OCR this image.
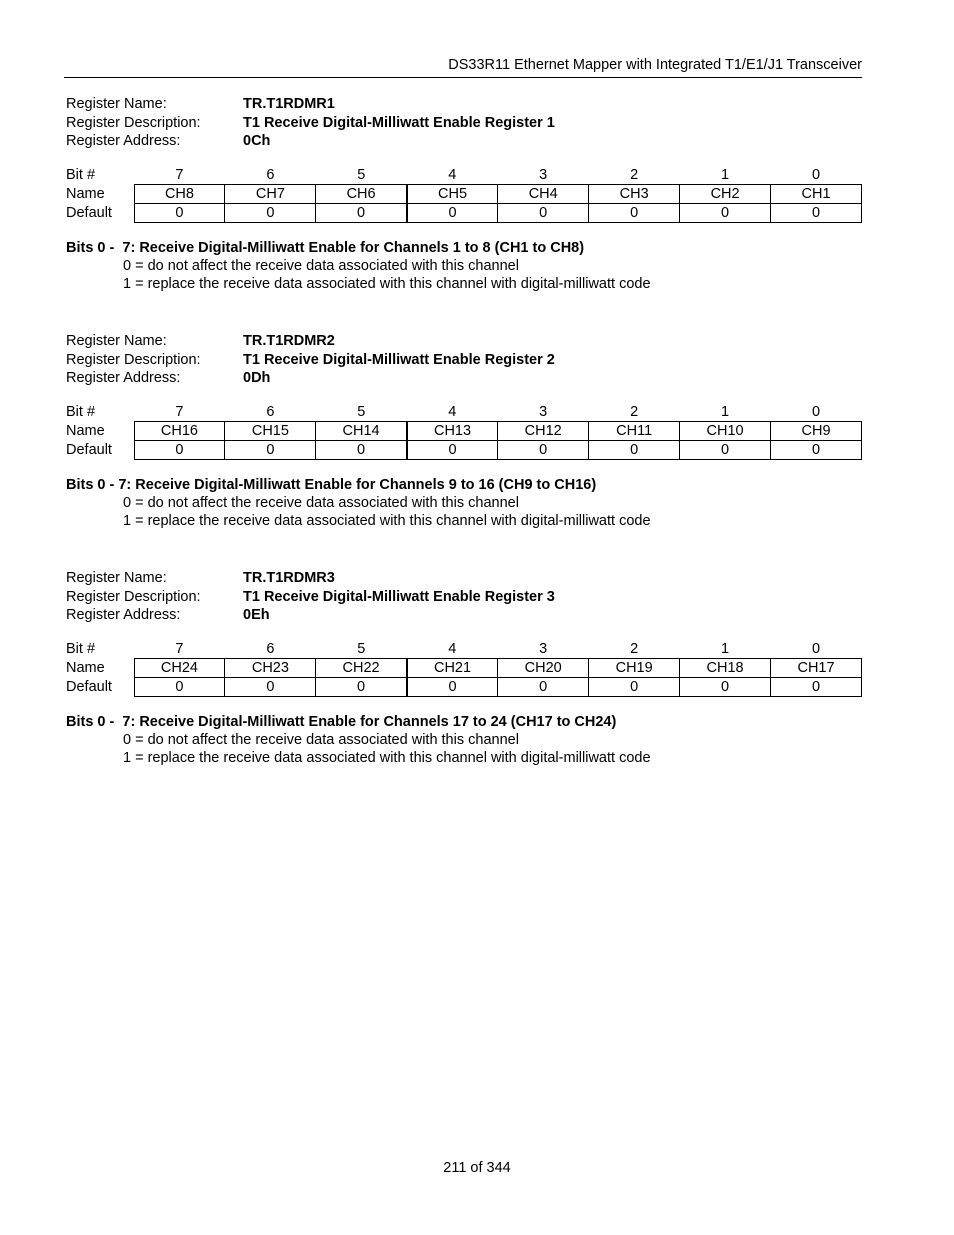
DS33R11 Ethernet Mapper with Integrated T1/E1/J1 Transceiver
Register Name:	TR.T1RDMR1
Register Description:	T1 Receive Digital-Milliwatt Enable Register 1
Register Address:	0Ch
Bit #	7	6	5	4	3	2	1	0
Name	CH8	CH7	CH6	CH5	CH4	CH3	CH2	CH1
Default	0	0	0	0	0	0	0	0
Bits 0 -  7: Receive Digital-Milliwatt Enable for Channels 1 to 8 (CH1 to CH8)
0 = do not affect the receive data associated with this channel
1 = replace the receive data associated with this channel with digital-milliwatt code
Register Name:	TR.T1RDMR2
Register Description:	T1 Receive Digital-Milliwatt Enable Register 2
Register Address:	0Dh
Bit #	7	6	5	4	3	2	1	0
Name	CH16	CH15	CH14	CH13	CH12	CH11	CH10	CH9
Default	0	0	0	0	0	0	0	0
Bits 0 - 7: Receive Digital-Milliwatt Enable for Channels 9 to 16 (CH9 to CH16)
0 = do not affect the receive data associated with this channel
1 = replace the receive data associated with this channel with digital-milliwatt code
Register Name:	TR.T1RDMR3
Register Description:	T1 Receive Digital-Milliwatt Enable Register 3
Register Address:	0Eh
Bit #	7	6	5	4	3	2	1	0
Name	CH24	CH23	CH22	CH21	CH20	CH19	CH18	CH17
Default	0	0	0	0	0	0	0	0
Bits 0 -  7: Receive Digital-Milliwatt Enable for Channels 17 to 24 (CH17 to CH24)
0 = do not affect the receive data associated with this channel
1 = replace the receive data associated with this channel with digital-milliwatt code
211 of 344
